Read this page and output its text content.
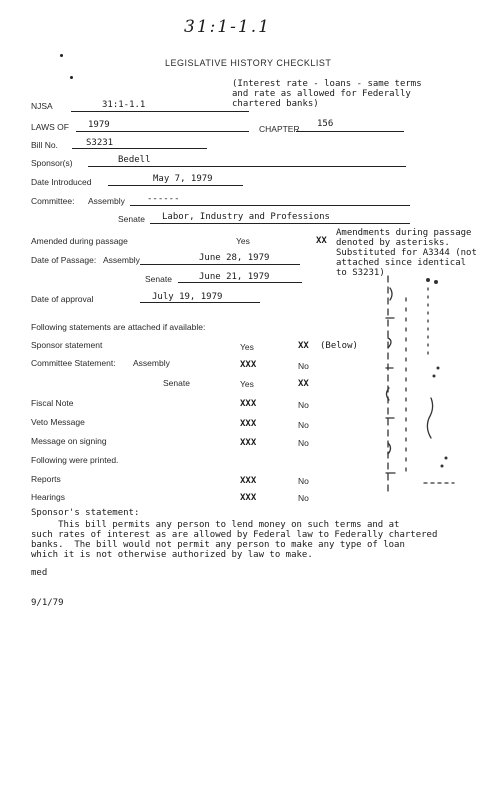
31:1-1.1
LEGISLATIVE HISTORY CHECKLIST
(Interest rate - loans - same terms
and rate as allowed for Federally
chartered banks)
NJSA	31:1-1.1
LAWS OF 1979	CHAPTER 156
Bill No.	S3231
Sponsor(s)	Bedell
Date Introduced	May 7, 1979
Committee: Assembly ------
Senate Labor, Industry and Professions
Amended during passage	Yes	XX
Amendments during passage
denoted by asterisks.
Substituted for A3344 (not
attached since identical
to S3231)
Date of Passage: Assembly	June 28, 1979
Senate	June 21, 1979
Date of approval	July 19, 1979
Following statements are attached if available:
Sponsor statement	Yes	XX (Below)
Committee Statement: Assembly	XXX	No
Senate	Yes	XX
Fiscal Note	XXX	No
Veto Message	XXX	No
Message on signing	XXX	No
Following were printed.
Reports	XXX	No
Hearings	XXX	No
Sponsor's statement:
This bill permits any person to lend money on such terms and at
such rates of interest as are allowed by Federal law to Federally chartered
banks.  The bill would not permit any person to make any type of loan
which it is not otherwise authorized by law to make.
med
9/1/79
